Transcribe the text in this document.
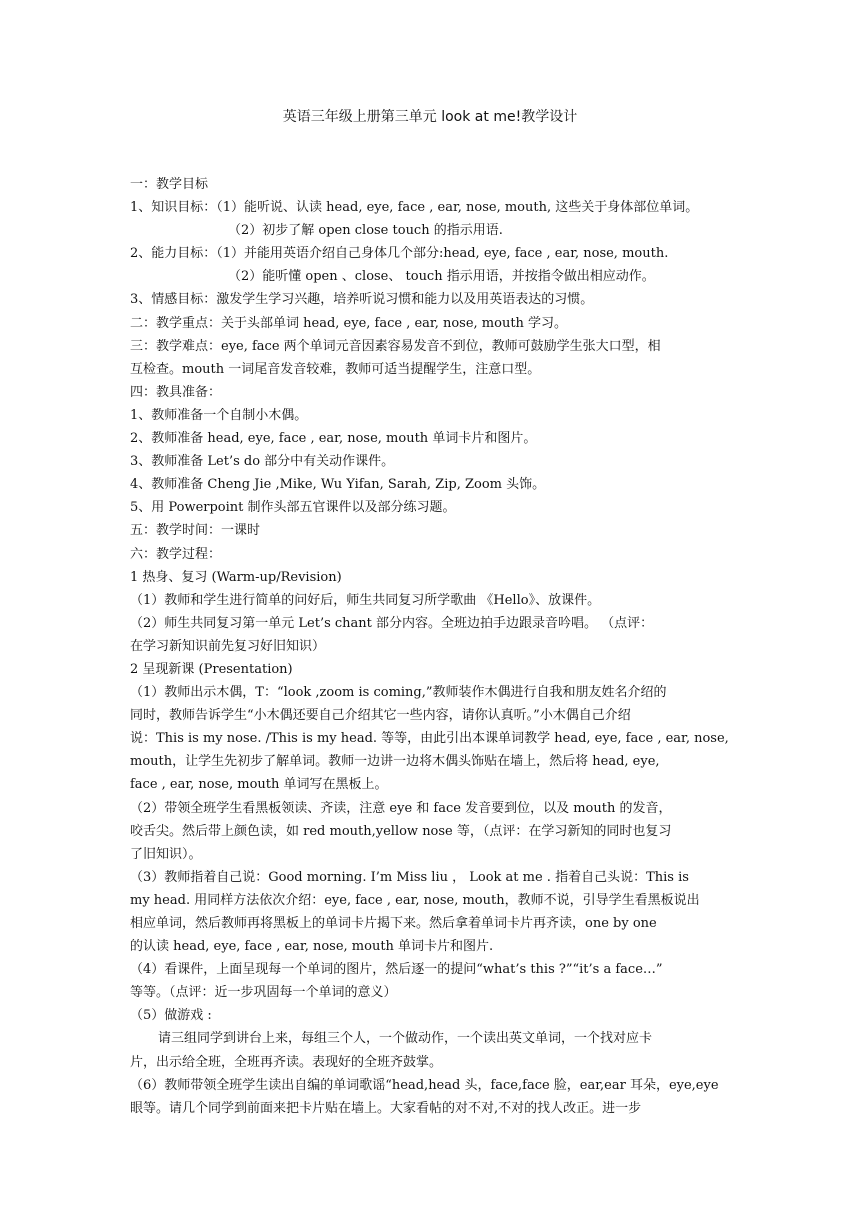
英语三年级上册第三单元 look at me!教学设计
一：教学目标
1、知识目标：（1）能听说、认读 head, eye, face , ear, nose, mouth, 这些关于身体部位单词。
（2）初步了解 open close touch 的指示用语.
2、能力目标：（1）并能用英语介绍自己身体几个部分:head, eye, face , ear, nose, mouth.
（2）能听懂 open 、close、 touch 指示用语，并按指令做出相应动作。
3、情感目标：激发学生学习兴趣，培养听说习惯和能力以及用英语表达的习惯。
二：教学重点：关于头部单词 head, eye, face , ear, nose, mouth 学习。
三：教学难点：eye, face 两个单词元音因素容易发音不到位，教师可鼓励学生张大口型，相
互检查。mouth 一词尾音发音较难，教师可适当提醒学生，注意口型。
四：教具准备：
1、教师准备一个自制小木偶。
2、教师准备 head, eye, face , ear, nose, mouth 单词卡片和图片。
3、教师准备 Let’s do 部分中有关动作课件。
4、教师准备 Cheng Jie ,Mike, Wu Yifan, Sarah, Zip, Zoom 头饰。
5、用 Powerpoint 制作头部五官课件以及部分练习题。
五：教学时间：一课时
六：教学过程：
1 热身、复习 (Warm-up/Revision)
（1）教师和学生进行简单的问好后，师生共同复习所学歌曲 《Hello》、放课件。
（2）师生共同复习第一单元 Let’s chant 部分内容。全班边拍手边跟录音吟唱。 （点评：
在学习新知识前先复习好旧知识）
2 呈现新课 (Presentation)
（1）教师出示木偶，T：“look ,zoom is coming,”教师装作木偶进行自我和朋友姓名介绍的
同时，教师告诉学生“小木偶还要自己介绍其它一些内容，请你认真听。”小木偶自己介绍
说：This is my nose. /This is my head. 等等，由此引出本课单词教学 head, eye, face , ear, nose,
mouth，让学生先初步了解单词。教师一边讲一边将木偶头饰贴在墙上，然后将 head, eye,
face , ear, nose, mouth 单词写在黑板上。
（2）带领全班学生看黑板领读、齐读，注意 eye 和 face 发音要到位，以及 mouth 的发音，
咬舌尖。然后带上颜色读，如 red mouth,yellow nose 等，（点评：在学习新知的同时也复习
了旧知识）。
（3）教师指着自己说：Good morning. I’m Miss liu ， Look at me . 指着自己头说：This is
my head. 用同样方法依次介绍：eye, face , ear, nose, mouth，教师不说，引导学生看黑板说出
相应单词，然后教师再将黑板上的单词卡片揭下来。然后拿着单词卡片再齐读，one by one
的认读 head, eye, face , ear, nose, mouth 单词卡片和图片.
（4）看课件，上面呈现每一个单词的图片，然后逐一的提问“what’s this ?”“it’s a face…”
等等。（点评：近一步巩固每一个单词的意义）
（5）做游戏 :
请三组同学到讲台上来，每组三个人，一个做动作，一个读出英文单词，一个找对应卡
片，出示给全班，全班再齐读。表现好的全班齐鼓掌。
（6）教师带领全班学生读出自编的单词歌谣“head,head 头，face,face 脸，ear,ear 耳朵，eye,eye
眼等。请几个同学到前面来把卡片贴在墙上。大家看帖的对不对,不对的找人改正。进一步
